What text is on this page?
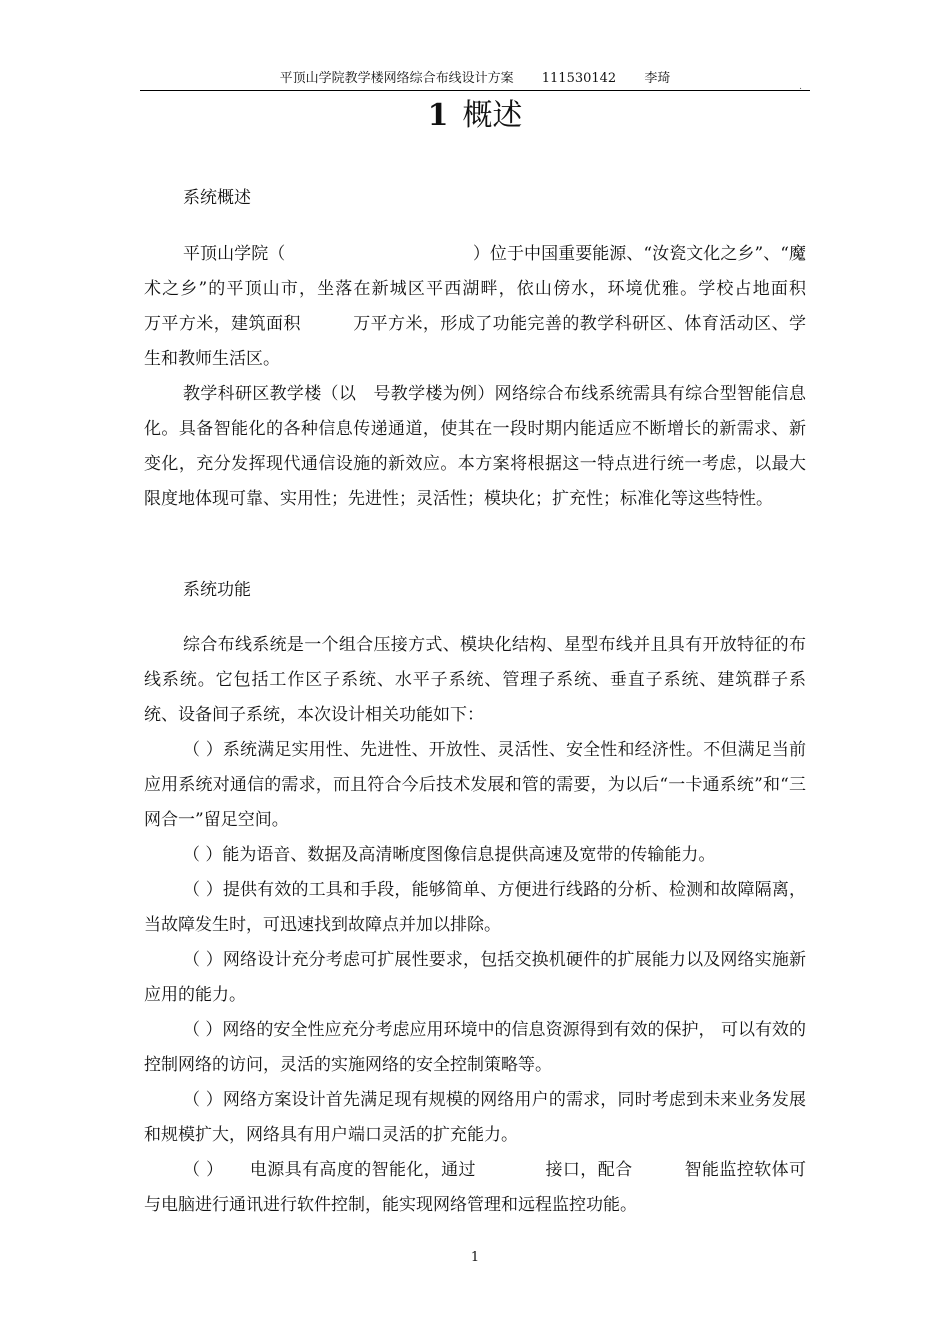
平顶山学院教学楼网络综合布线设计方案 111530142 李琦
.
1 概述
系统概述

平顶山学院（　　　　　　　　　　　）位于中国重要能源、“汝瓷文化之乡”、“魔术之乡”的平顶山市，坐落在新城区平西湖畔，依山傍水，环境优雅。学校占地面积　　　万平方米，建筑面积　　　万平方米，形成了功能完善的教学科研区、体育活动区、学生和教师生活区。

教学科研区教学楼（以　号教学楼为例）网络综合布线系统需具有综合型智能信息化。具备智能化的各种信息传递通道，使其在一段时期内能适应不断增长的新需求、新变化，充分发挥现代通信设施的新效应。本方案将根据这一特点进行统一考虑，以最大限度地体现可靠、实用性；先进性；灵活性；模块化；扩充性；标准化等这些特性。

系统功能

综合布线系统是一个组合压接方式、模块化结构、星型布线并且具有开放特征的布线系统。它包括工作区子系统、水平子系统、管理子系统、垂直子系统、建筑群子系统、设备间子系统，本次设计相关功能如下：

（ ）系统满足实用性、先进性、开放性、灵活性、安全性和经济性。不但满足当前应用系统对通信的需求，而且符合今后技术发展和管的需要，为以后“一卡通系统”和“三网合一”留足空间。

（ ）能为语音、数据及高清晰度图像信息提供高速及宽带的传输能力。

（ ）提供有效的工具和手段，能够简单、方便进行线路的分析、检测和故障隔离，当故障发生时，可迅速找到故障点并加以排除。

（ ）网络设计充分考虑可扩展性要求，包括交换机硬件的扩展能力以及网络实施新应用的能力。

（ ）网络的安全性应充分考虑应用环境中的信息资源得到有效的保护， 可以有效的控制网络的访问，灵活的实施网络的安全控制策略等。

（ ）网络方案设计首先满足现有规模的网络用户的需求，同时考虑到未来业务发展和规模扩大，网络具有用户端口灵活的扩充能力。

（ ）　　电源具有高度的智能化，通过　　　　接口，配合　　　智能监控软体可与电脑进行通讯进行软件控制，能实现网络管理和远程监控功能。

1
